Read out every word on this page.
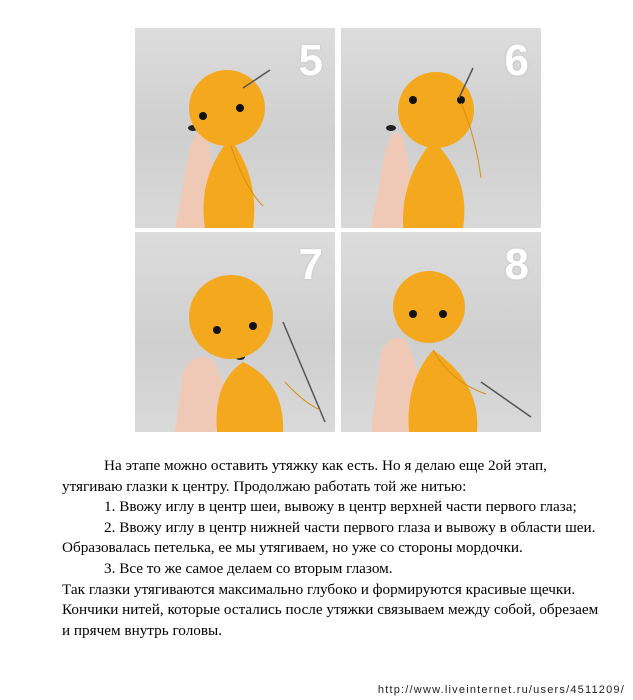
5	6
7	8

На этапе можно оставить утяжку как есть. Но я делаю еще 2ой этап, утягиваю глазки к центру. Продолжаю работать той же нитью:

1. Ввожу иглу в центр шеи, вывожу в центр верхней части первого глаза;

2. Ввожу иглу в центр нижней части первого глаза и вывожу в области шеи. Образовалась петелька, ее мы утягиваем, но уже со стороны мордочки.

3. Все то же самое делаем со вторым глазом.

Так глазки утягиваются максимально глубоко и формируются красивые щечки. Кончики нитей, которые остались после утяжки связываем между собой, обрезаем и прячем внутрь головы.

http://www.liveinternet.ru/users/4511209/
